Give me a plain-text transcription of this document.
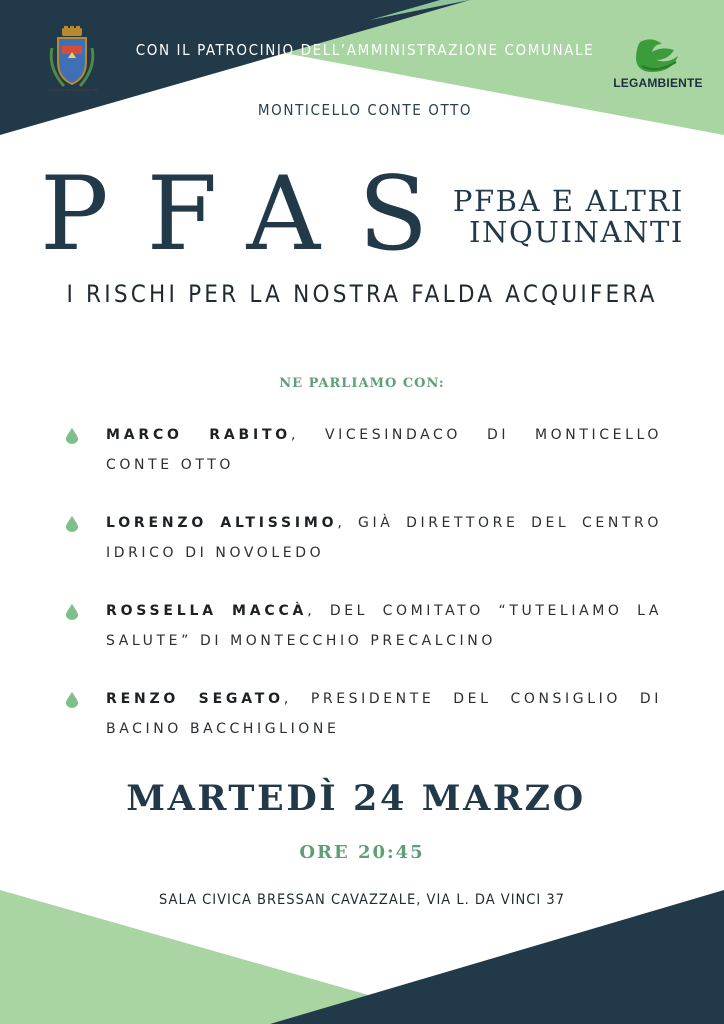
Comune di Monticello Conte Otto
CON IL PATROCINIO DELL’AMMINISTRAZIONE COMUNALE DI
MONTICELLO CONTE OTTO
LEGAMBIENTE
PFAS
PFBA E ALTRI
INQUINANTI
I RISCHI PER LA NOSTRA FALDA ACQUIFERA
NE PARLIAMO CON:
MARCO RABITO, VICESINDACO DI MONTICELLO CONTE OTTO
LORENZO ALTISSIMO, GIÀ DIRETTORE DEL CENTRO IDRICO DI NOVOLEDO
ROSSELLA MACCÀ, DEL COMITATO “TUTELIAMO LA SALUTE” DI MONTECCHIO PRECALCINO
RENZO SEGATO, PRESIDENTE DEL CONSIGLIO DI BACINO BACCHIGLIONE
MARTEDÌ 24 MARZO
ORE 20:45
SALA CIVICA BRESSAN CAVAZZALE, VIA L. DA VINCI 37
